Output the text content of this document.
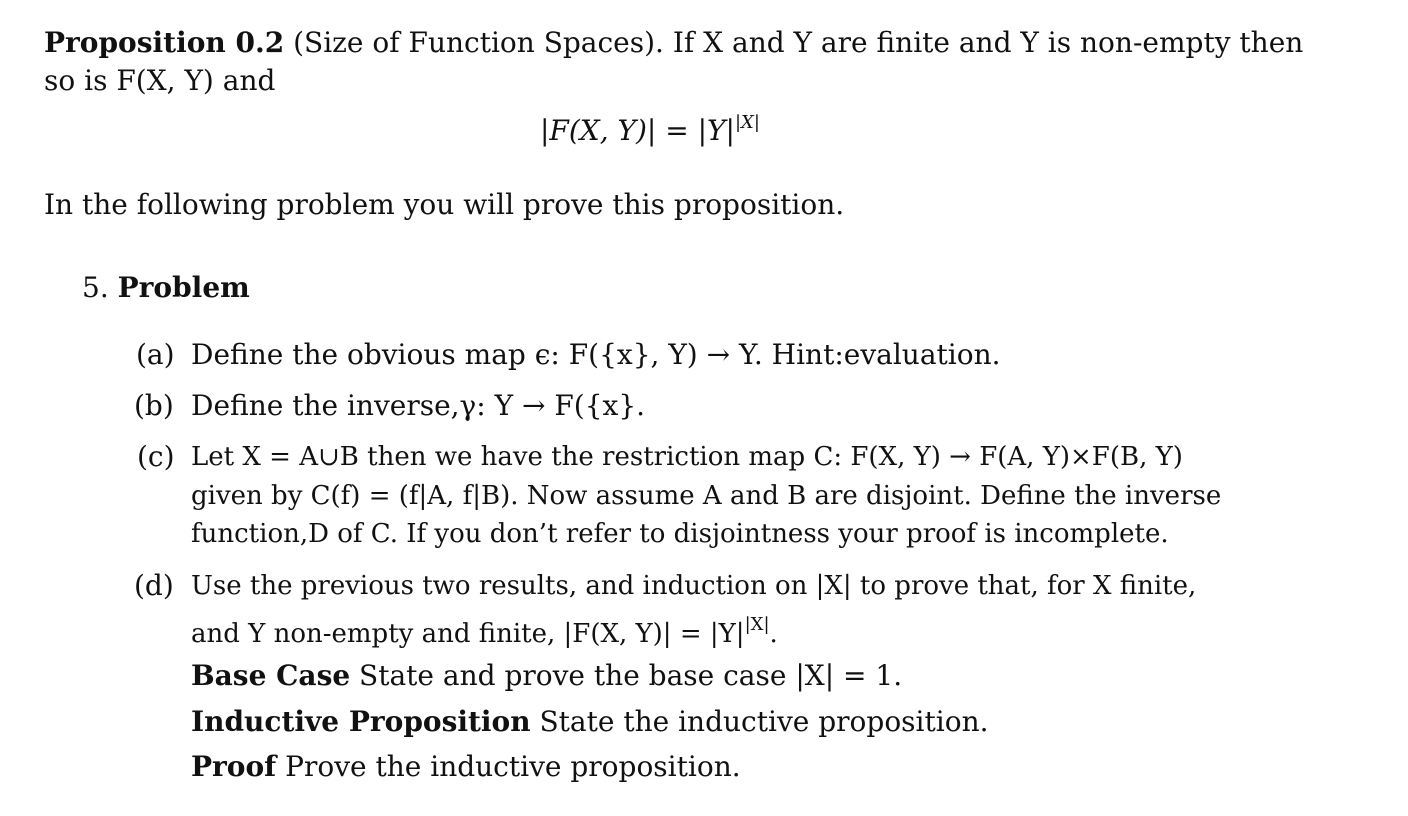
Proposition 0.2 (Size of Function Spaces). If X and Y are finite and Y is non-empty then
so is F(X, Y) and
|F(X, $Y)| = |Y|^{|X|}$
In the following problem you will prove this proposition.
5. Problem
(a) Define the obvious map ϵ: F({x}, Y) → Y. Hint:evaluation.
(b) Define the inverse,γ: Y → F({x}.
(c) Let X = A∪B then we have the restriction map C: F(X, Y) → F(A, Y)×F(B, Y)
given by C(f) = (f|A, f|B). Now assume A and B are disjoint. Define the inverse
function,D of C. If you don’t refer to disjointness your proof is incomplete.
(d) Use the previous two results, and induction on |X| to prove that, for X finite,
and Y non-empty and finite, |F(X, $Y)| = |Y|^{|X|}$.
Base Case State and prove the base case |X| = 1.
Inductive Proposition State the inductive proposition.
Proof Prove the inductive proposition.
